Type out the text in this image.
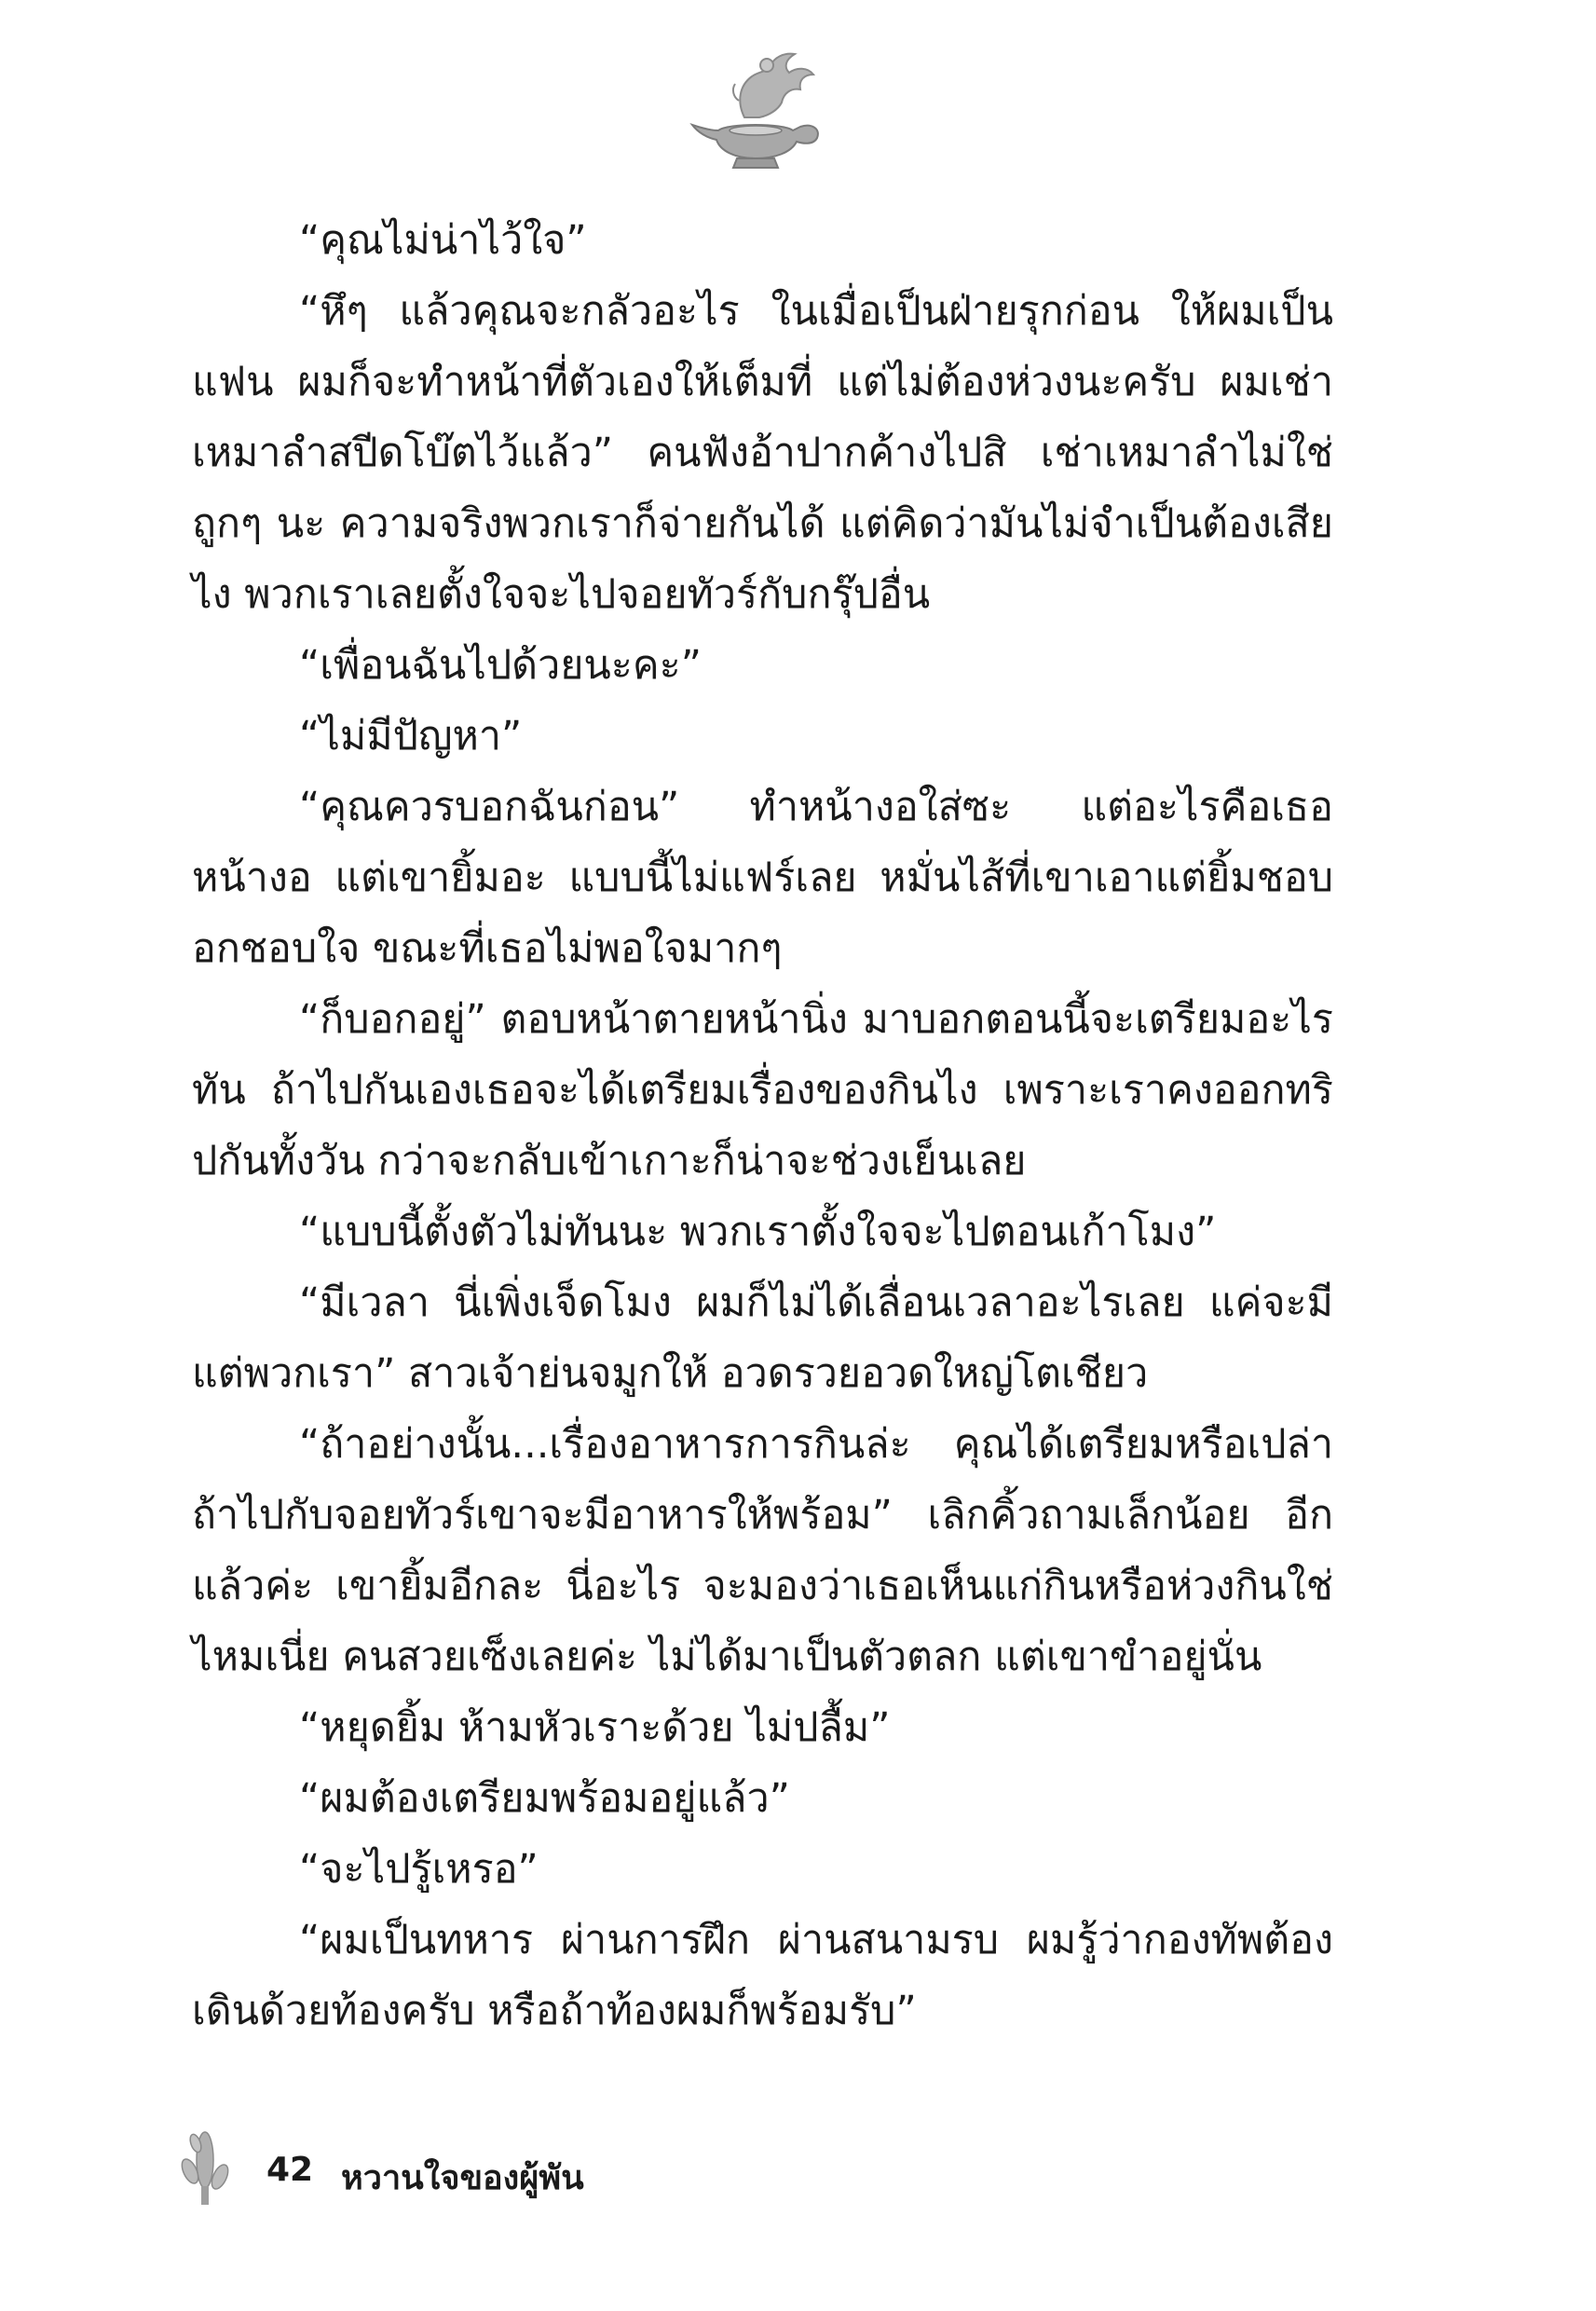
“คุณไม่น่าไว้ใจ”

“หึๆ แล้วคุณจะกลัวอะไร ในเมื่อเป็นฝ่ายรุกก่อน ให้ผมเป็นแฟน ผมก็จะทำหน้าที่ตัวเองให้เต็มที่ แต่ไม่ต้องห่วงนะครับ ผมเช่าเหมาลำสปีดโบ๊ตไว้แล้ว” คนฟังอ้าปากค้างไปสิ เช่าเหมาลำไม่ใช่ถูกๆ นะ ความจริงพวกเราก็จ่ายกันได้ แต่คิดว่ามันไม่จำเป็นต้องเสียไง พวกเราเลยตั้งใจจะไปจอยทัวร์กับกรุ๊ปอื่น

“เพื่อนฉันไปด้วยนะคะ”

“ไม่มีปัญหา”

“คุณควรบอกฉันก่อน” ทำหน้างอใส่ซะ แต่อะไรคือเธอหน้างอ แต่เขายิ้มอะ แบบนี้ไม่แฟร์เลย หมั่นไส้ที่เขาเอาแต่ยิ้มชอบอกชอบใจ ขณะที่เธอไม่พอใจมากๆ

“ก็บอกอยู่” ตอบหน้าตายหน้านิ่ง มาบอกตอนนี้จะเตรียมอะไรทัน ถ้าไปกันเองเธอจะได้เตรียมเรื่องของกินไง เพราะเราคงออกทริปกันทั้งวัน กว่าจะกลับเข้าเกาะก็น่าจะช่วงเย็นเลย

“แบบนี้ตั้งตัวไม่ทันนะ พวกเราตั้งใจจะไปตอนเก้าโมง”

“มีเวลา นี่เพิ่งเจ็ดโมง ผมก็ไม่ได้เลื่อนเวลาอะไรเลย แค่จะมีแต่พวกเรา” สาวเจ้าย่นจมูกให้ อวดรวยอวดใหญ่โตเชียว

“ถ้าอย่างนั้น...เรื่องอาหารการกินล่ะ คุณได้เตรียมหรือเปล่า ถ้าไปกับจอยทัวร์เขาจะมีอาหารให้พร้อม” เลิกคิ้วถามเล็กน้อย อีกแล้วค่ะ เขายิ้มอีกละ นี่อะไร จะมองว่าเธอเห็นแก่กินหรือห่วงกินใช่ไหมเนี่ย คนสวยเซ็งเลยค่ะ ไม่ได้มาเป็นตัวตลก แต่เขาขำอยู่นั่น

“หยุดยิ้ม ห้ามหัวเราะด้วย ไม่ปลื้ม”

“ผมต้องเตรียมพร้อมอยู่แล้ว”

“จะไปรู้เหรอ”

“ผมเป็นทหาร ผ่านการฝึก ผ่านสนามรบ ผมรู้ว่ากองทัพต้องเดินด้วยท้องครับ หรือถ้าท้องผมก็พร้อมรับ”

42 หวานใจของผู้พัน
